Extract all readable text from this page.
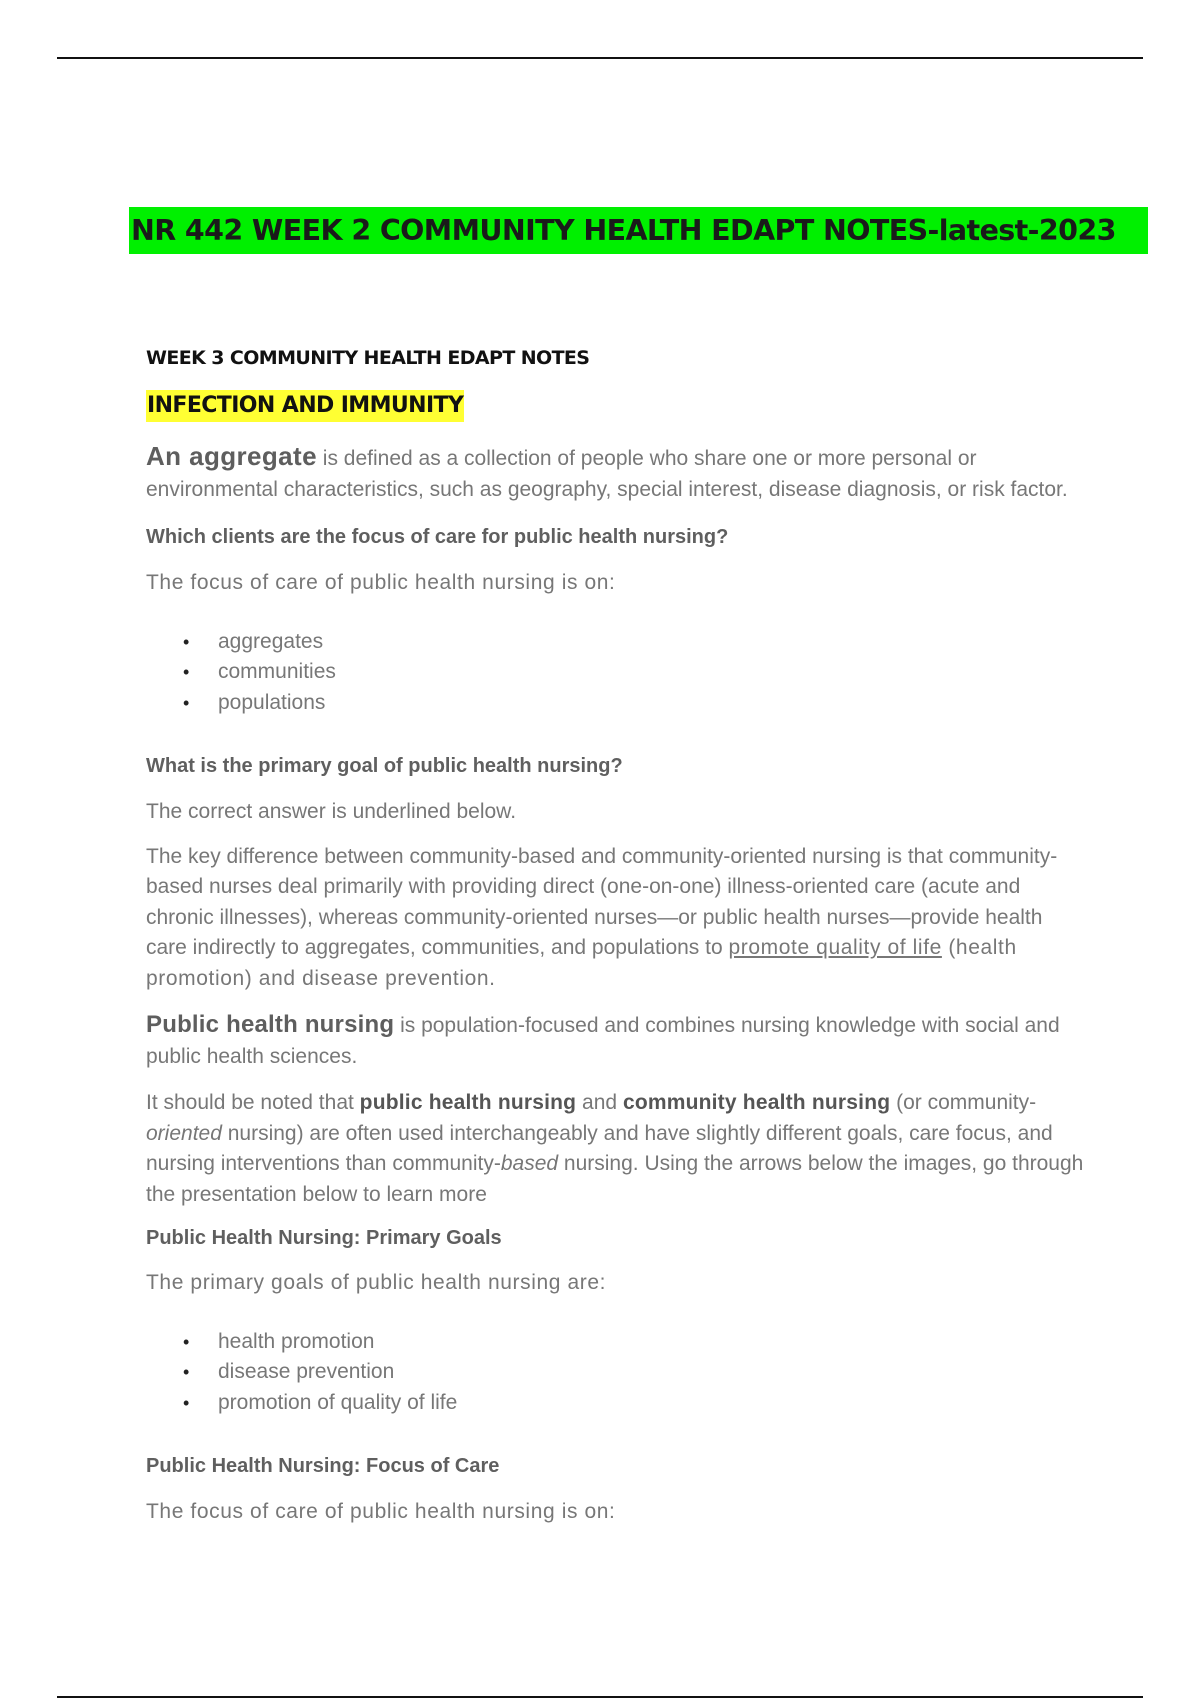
NR 442 WEEK 2 COMMUNITY HEALTH EDAPT NOTES-latest-2023

WEEK 3 COMMUNITY HEALTH EDAPT NOTES

INFECTION AND IMMUNITY

An aggregate is defined as a collection of people who share one or more personal or environmental characteristics, such as geography, special interest, disease diagnosis, or risk factor.

Which clients are the focus of care for public health nursing?

The focus of care of public health nursing is on:

• aggregates
• communities
• populations

What is the primary goal of public health nursing?

The correct answer is underlined below.

The key difference between community-based and community-oriented nursing is that community-based nurses deal primarily with providing direct (one-on-one) illness-oriented care (acute and chronic illnesses), whereas community-oriented nurses—or public health nurses—provide health care indirectly to aggregates, communities, and populations to promote quality of life (health promotion) and disease prevention.

Public health nursing is population-focused and combines nursing knowledge with social and public health sciences.

It should be noted that public health nursing and community health nursing (or community-oriented nursing) are often used interchangeably and have slightly different goals, care focus, and nursing interventions than community-based nursing. Using the arrows below the images, go through the presentation below to learn more

Public Health Nursing: Primary Goals

The primary goals of public health nursing are:

• health promotion
• disease prevention
• promotion of quality of life

Public Health Nursing: Focus of Care

The focus of care of public health nursing is on:
